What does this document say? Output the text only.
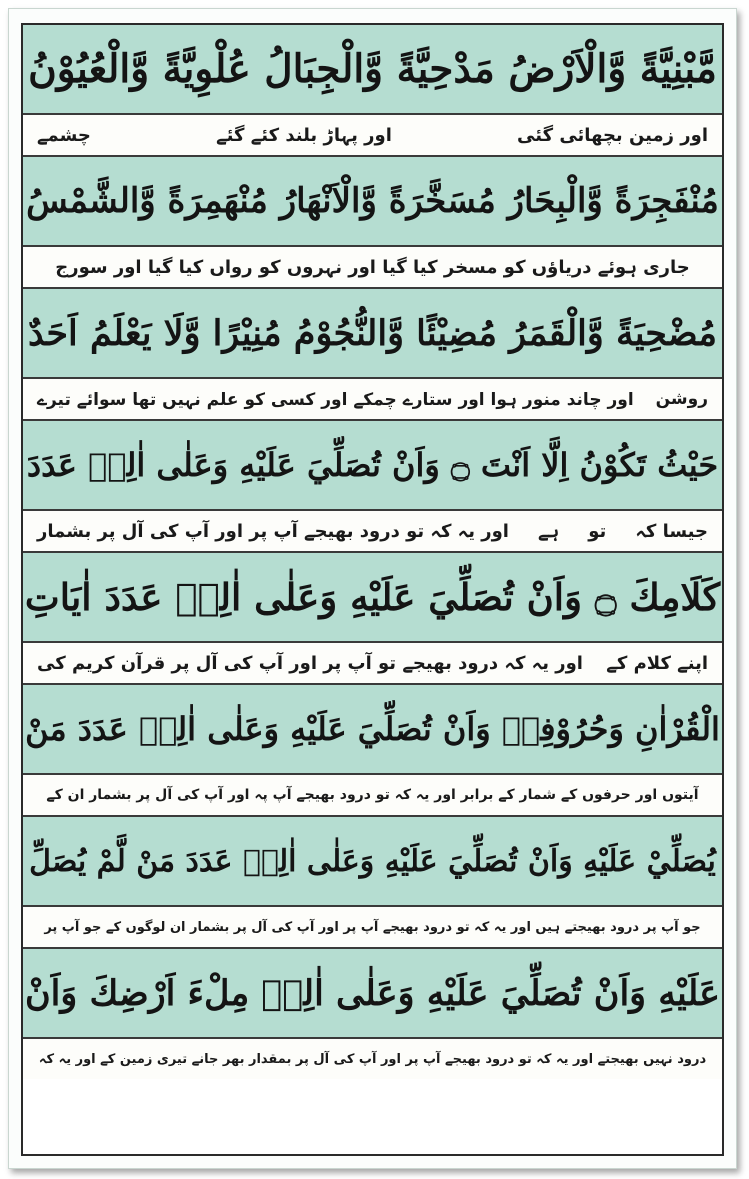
مَّبْنِيَّةً وَّالْاَرْضُ مَدْحِيَّةً وَّالْجِبَالُ عُلْوِيَّةً وَّالْعُيُوْنُ
اور زمین بچھائی گئی
اور پہاڑ بلند کئے گئے
چشمے
مُنْفَجِرَةً وَّالْبِحَارُ مُسَخَّرَةً وَّالْاَنْهَارُ مُنْهَمِرَةً وَّالشَّمْسُ
جاری ہوئے دریاؤں کو مسخر کیا گیا اور نہروں کو رواں کیا گیا اور سورج
مُضْحِيَةً وَّالْقَمَرُ مُضِيْئًا وَّالنُّجُوْمُ مُنِيْرًا وَّلَا يَعْلَمُ اَحَدٌ
روشن
اور چاند منور ہوا اور ستارے چمکے اور کسی کو علم نہیں تھا سوائے تیرے
حَيْثُ تَكُوْنُ اِلَّا اَنْتَ ۝ وَاَنْ تُصَلِّيَ عَلَيْهِ وَعَلٰى اٰلِهٖ عَدَدَ
جیسا کہ
تو
ہے
اور یہ کہ تو درود بھیجے آپ پر اور آپ کی آل پر بشمار
كَلَامِكَ ۝ وَاَنْ تُصَلِّيَ عَلَيْهِ وَعَلٰى اٰلِهٖ عَدَدَ اٰيَاتِ
اپنے کلام کے
اور یہ کہ درود بھیجے تو آپ پر اور آپ کی آل پر قرآن کریم کی
الْقُرْاٰنِ وَحُرُوْفِهٖ وَاَنْ تُصَلِّيَ عَلَيْهِ وَعَلٰى اٰلِهٖ عَدَدَ مَنْ
آیتوں اور حرفوں کے شمار کے برابر اور یہ کہ تو درود بھیجے آپ پہ اور آپ کی آل پر بشمار ان کے
يُصَلِّيْ عَلَيْهِ وَاَنْ تُصَلِّيَ عَلَيْهِ وَعَلٰى اٰلِهٖ عَدَدَ مَنْ لَّمْ يُصَلِّ
جو آپ پر درود بھیجتے ہیں اور یہ کہ تو درود بھیجے آپ پر اور آپ کی آل پر بشمار ان لوگوں کے جو آپ پر
عَلَيْهِ وَاَنْ تُصَلِّيَ عَلَيْهِ وَعَلٰى اٰلِهٖ مِلْءَ اَرْضِكَ وَاَنْ
درود نہیں بھیجتے اور یہ کہ تو درود بھیجے آپ پر اور آپ کی آل پر بمقدار بھر جانے تیری زمین کے اور یہ کہ
